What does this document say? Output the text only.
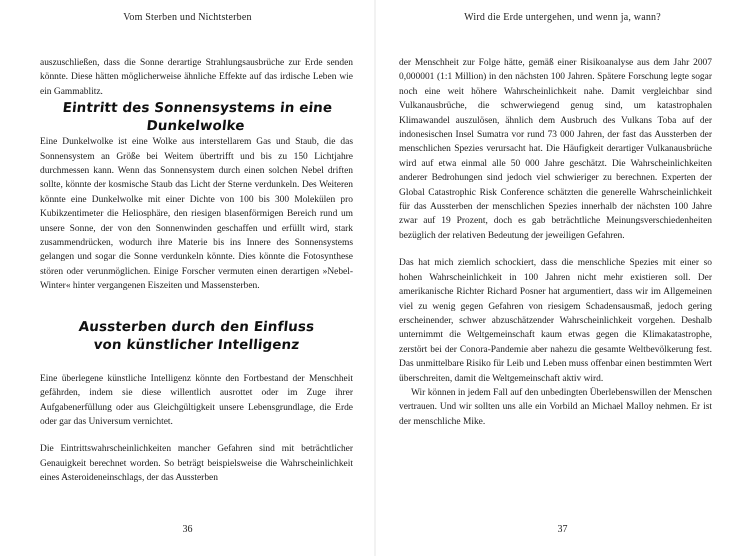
Vom Sterben und Nichtsterben

auszuschließen, dass die Sonne derartige Strahlungsausbrüche zur Erde senden könnte. Diese hätten möglicherweise ähnliche Effekte auf das irdische Leben wie ein Gammablitz.

Eintritt des Sonnensystems in eine Dunkelwolke

Eine Dunkelwolke ist eine Wolke aus interstellarem Gas und Staub, die das Sonnensystem an Größe bei Weitem übertrifft und bis zu 150 Lichtjahre durchmessen kann. Wenn das Sonnensystem durch einen solchen Nebel driften sollte, könnte der kosmische Staub das Licht der Sterne verdunkeln. Des Weiteren könnte eine Dunkelwolke mit einer Dichte von 100 bis 300 Molekülen pro Kubikzentimeter die Heliosphäre, den riesigen blasenförmigen Bereich rund um unsere Sonne, der von den Sonnenwinden geschaffen und erfüllt wird, stark zusammendrücken, wodurch ihre Materie bis ins Innere des Sonnensystems gelangen und sogar die Sonne verdunkeln könnte. Dies könnte die Fotosynthese stören oder verunmöglichen. Einige Forscher vermuten einen derartigen »Nebel-Winter« hinter vergangenen Eiszeiten und Massensterben.

Aussterben durch den Einfluss

von künstlicher Intelligenz

Eine überlegene künstliche Intelligenz könnte den Fortbestand der Menschheit gefährden, indem sie diese willentlich ausrottet oder im Zuge ihrer Aufgabenerfüllung oder aus Gleichgültigkeit unsere Lebensgrundlage, die Erde oder gar das Universum vernichtet.

Die Eintrittswahrscheinlichkeiten mancher Gefahren sind mit beträchtlicher Genauigkeit berechnet worden. So beträgt beispielsweise die Wahrscheinlichkeit eines Asteroideneinschlags, der das Aussterben

36
Wird die Erde untergehen, und wenn ja, wann?

der Menschheit zur Folge hätte, gemäß einer Risikoanalyse aus dem Jahr 2007 0,000001 (1:1 Million) in den nächsten 100 Jahren. Spätere Forschung legte sogar noch eine weit höhere Wahrscheinlichkeit nahe. Damit vergleichbar sind Vulkanausbrüche, die schwerwiegend genug sind, um katastrophalen Klimawandel auszulösen, ähnlich dem Ausbruch des Vulkans Toba auf der indonesischen Insel Sumatra vor rund 73 000 Jahren, der fast das Aussterben der menschlichen Spezies verursacht hat. Die Häufigkeit derartiger Vulkanausbrüche wird auf etwa einmal alle 50 000 Jahre geschätzt. Die Wahrscheinlichkeiten anderer Bedrohungen sind jedoch viel schwieriger zu berechnen. Experten der Global Catastrophic Risk Conference schätzten die generelle Wahrscheinlichkeit für das Aussterben der menschlichen Spezies innerhalb der nächsten 100 Jahre zwar auf 19 Prozent, doch es gab beträchtliche Meinungsverschiedenheiten bezüglich der relativen Bedeutung der jeweiligen Gefahren.

Das hat mich ziemlich schockiert, dass die menschliche Spezies mit einer so hohen Wahrscheinlichkeit in 100 Jahren nicht mehr existieren soll. Der amerikanische Richter Richard Posner hat argumentiert, dass wir im Allgemeinen viel zu wenig gegen Gefahren von riesigem Schadensausmaß, jedoch gering erscheinender, schwer abzuschätzender Wahrscheinlichkeit vorgehen. Deshalb unternimmt die Weltgemeinschaft kaum etwas gegen die Klimakatastrophe, zerstört bei der Conora-Pandemie aber nahezu die gesamte Weltbevölkerung fest. Das unmittelbare Risiko für Leib und Leben muss offenbar einen bestimmten Wert überschreiten, damit die Weltgemeinschaft aktiv wird.

Wir können in jedem Fall auf den unbedingten Überlebenswillen der Menschen vertrauen. Und wir sollten uns alle ein Vorbild an Michael Malloy nehmen. Er ist der menschliche Mike.

37
